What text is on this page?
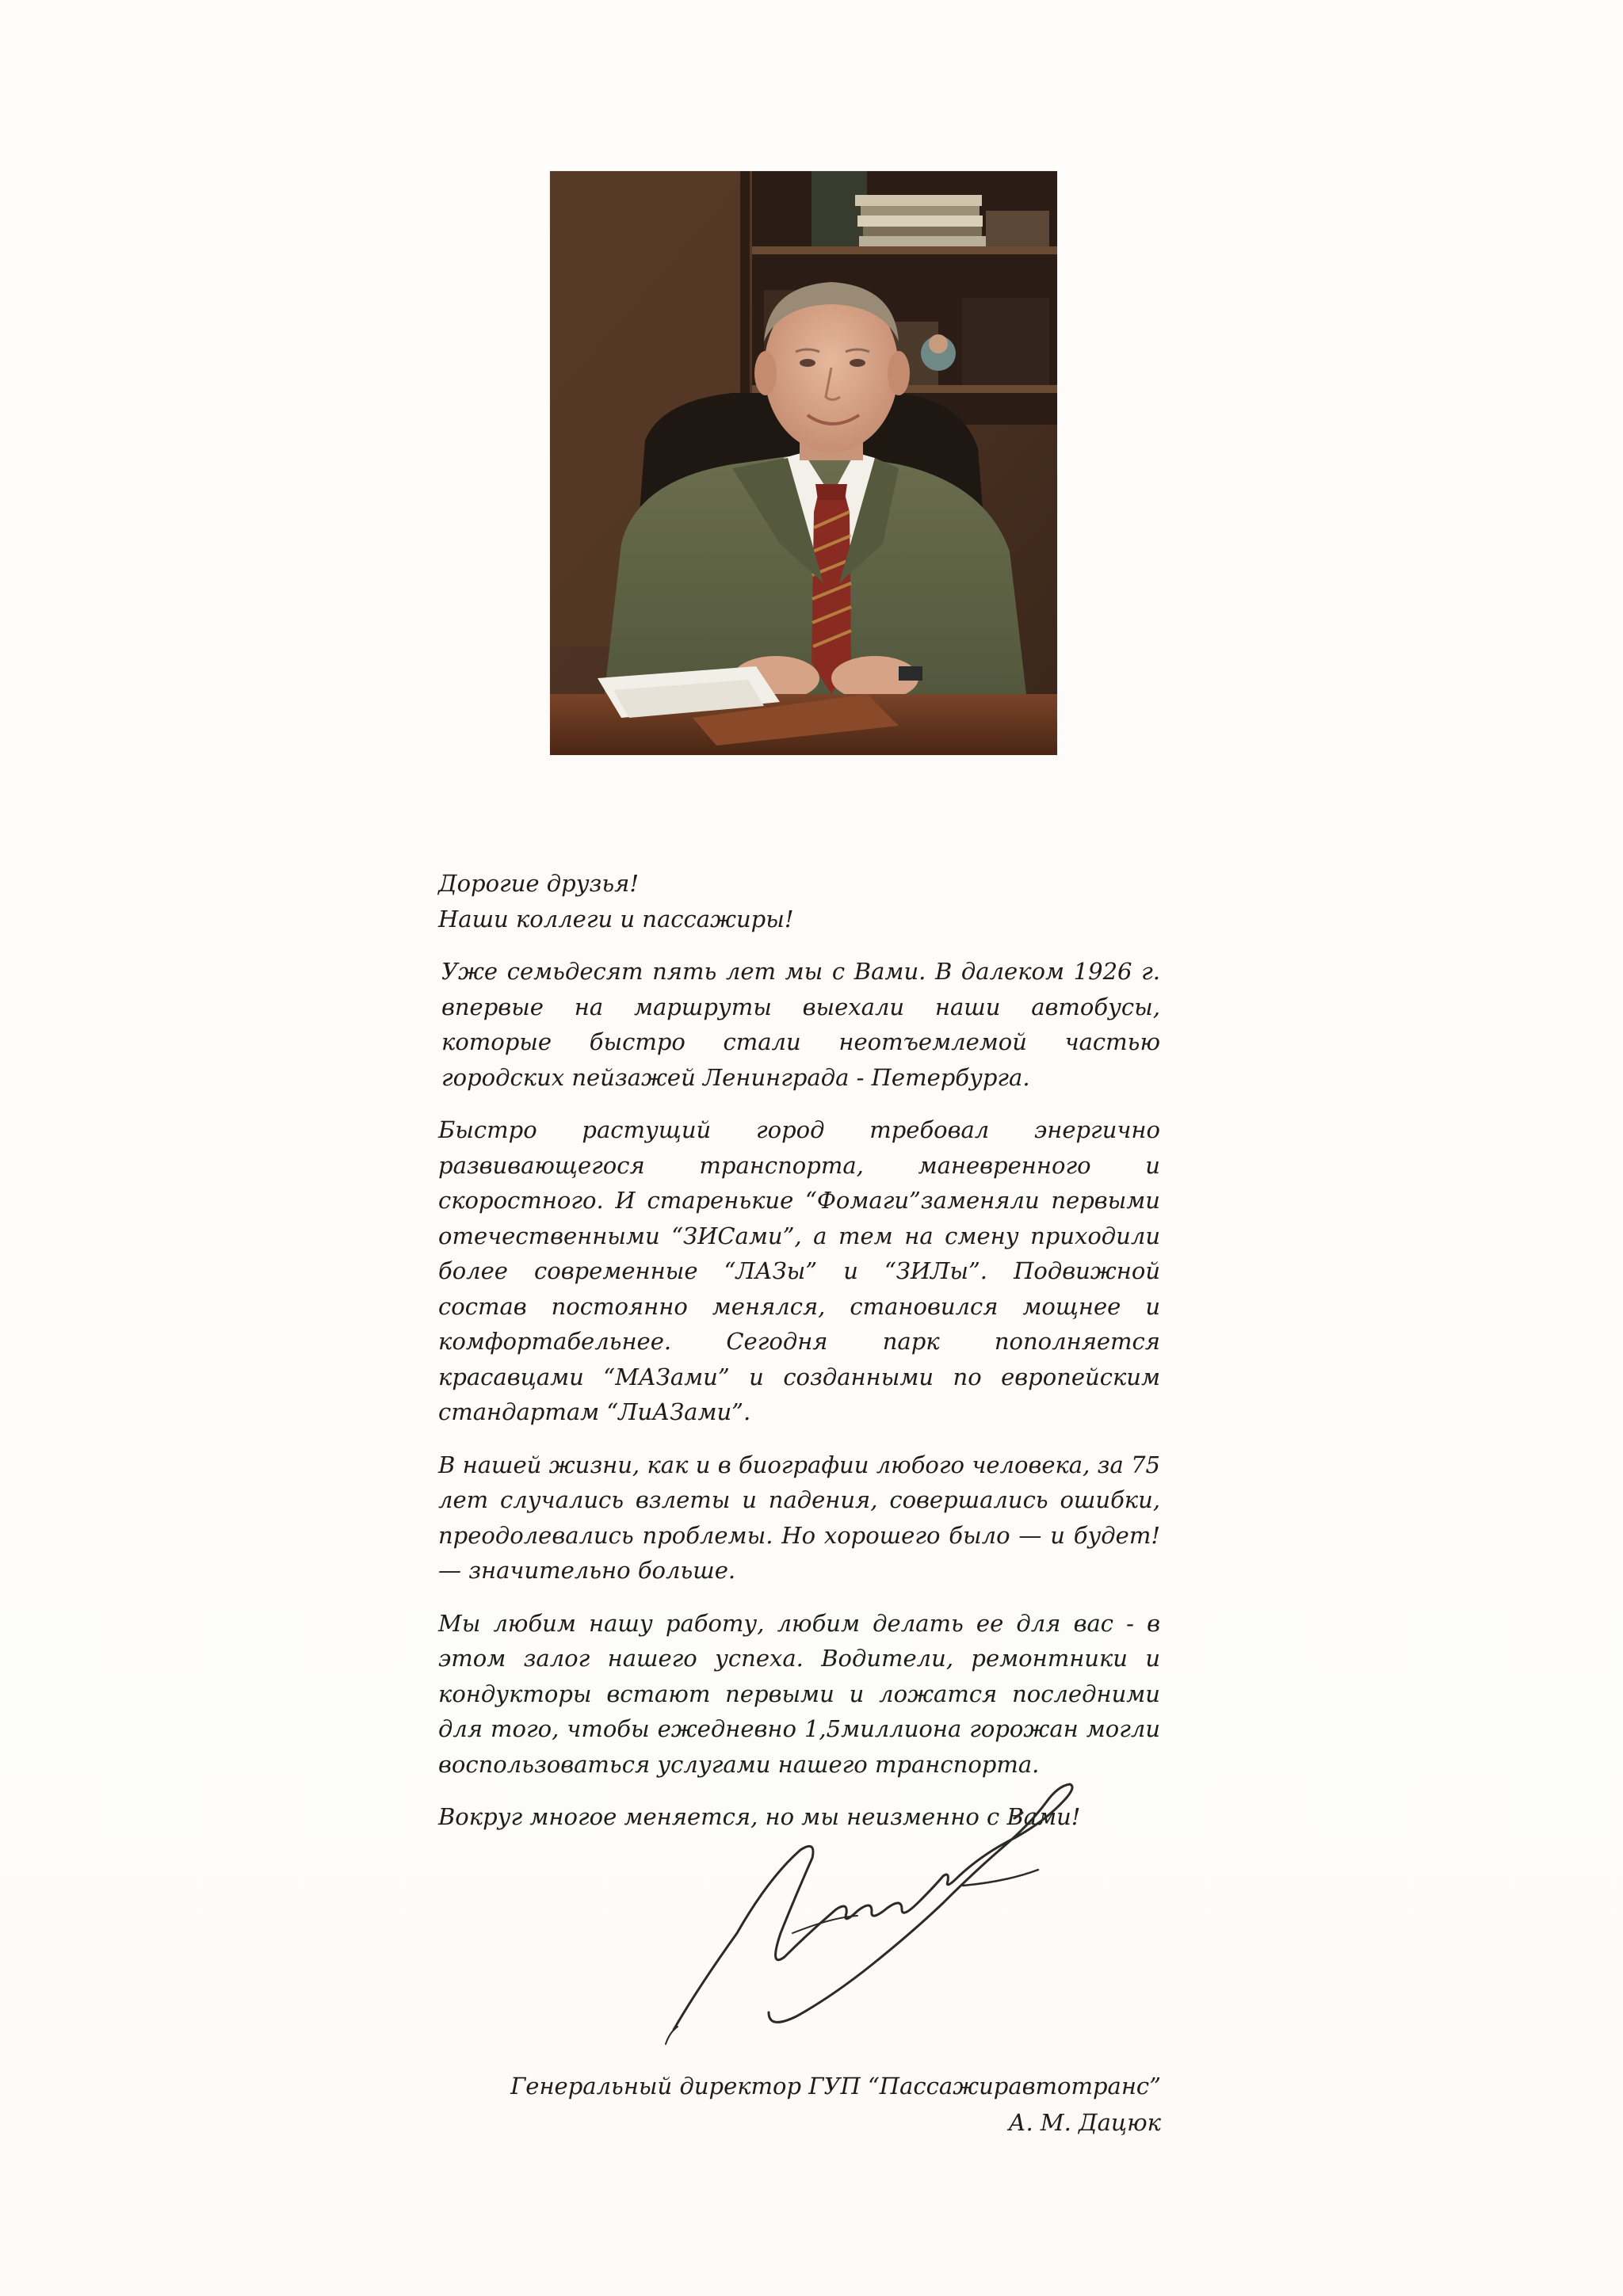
Дорогие друзья!

Наши коллеги и пассажиры!

Уже семьдесят пять лет мы с Вами. В далеком 1926 г. впервые на маршруты выехали наши автобусы, которые быстро стали неотъемлемой частью городских пейзажей Ленинграда - Петербурга.

Быстро растущий город требовал энергично развивающегося транспорта, маневренного и скоростного. И старенькие “Фомаги”заменяли первыми отечественными “ЗИСами”, а тем на смену приходили более современные “ЛАЗы” и “ЗИЛы”. Подвижной состав постоянно менялся, становился мощнее и комфортабельнее. Сегодня парк пополняется красавцами “МАЗами” и созданными по европейским стандартам “ЛиАЗами”.

В нашей жизни, как и в биографии любого человека, за 75 лет случались взлеты и падения, совершались ошибки, преодолевались проблемы. Но хорошего было — и будет! — значительно больше.

Мы любим нашу работу, любим делать ее для вас - в этом залог нашего успеха. Водители, ремонтники и кондукторы встают первыми и ложатся последними для того, чтобы ежедневно 1,5миллиона горожан могли воспользоваться услугами нашего транспорта.

Вокруг многое меняется, но мы неизменно с Вами!

Генеральный директор ГУП “Пассажиравтотранс”
А. М. Дацюк
